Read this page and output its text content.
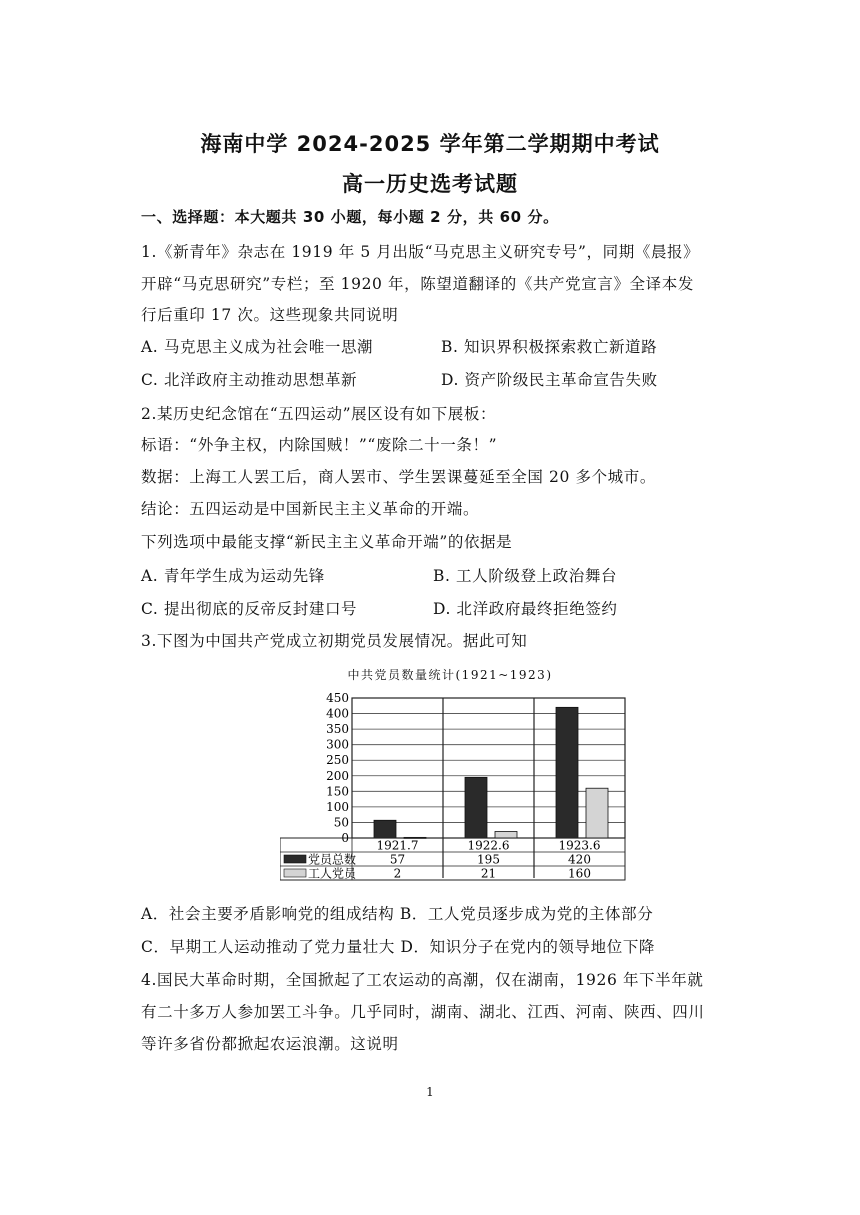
海南中学 2024-2025 学年第二学期期中考试
高一历史选考试题
一、选择题：本大题共 30 小题，每小题 2 分，共 60 分。
1.《新青年》杂志在 1919 年 5 月出版“马克思主义研究专号”，同期《晨报》
开辟“马克思研究”专栏；至 1920 年，陈望道翻译的《共产党宣言》全译本发
行后重印 17 次。这些现象共同说明
A. 马克思主义成为社会唯一思潮	B. 知识界积极探索救亡新道路
C. 北洋政府主动推动思想革新	D. 资产阶级民主革命宣告失败
2.某历史纪念馆在“五四运动”展区设有如下展板：
标语：“外争主权，内除国贼！”“废除二十一条！”
数据：上海工人罢工后，商人罢市、学生罢课蔓延至全国 20 多个城市。
结论：五四运动是中国新民主主义革命的开端。
下列选项中最能支撑“新民主主义革命开端”的依据是
A. 青年学生成为运动先锋	B. 工人阶级登上政治舞台
C. 提出彻底的反帝反封建口号	D. 北洋政府最终拒绝签约
3.下图为中国共产党成立初期党员发展情况。据此可知
中共党员数量统计(1921~1923)
450
400
350
300
250
200
150
100
50
0
1921.7	1922.6	1923.6
党员总数	57	195	420
工人党员	2	21	160
A．社会主要矛盾影响党的组成结构 B．工人党员逐步成为党的主体部分
C．早期工人运动推动了党力量壮大 D．知识分子在党内的领导地位下降
4.国民大革命时期，全国掀起了工农运动的高潮，仅在湖南，1926 年下半年就
有二十多万人参加罢工斗争。几乎同时，湖南、湖北、江西、河南、陕西、四川
等许多省份都掀起农运浪潮。这说明
1
